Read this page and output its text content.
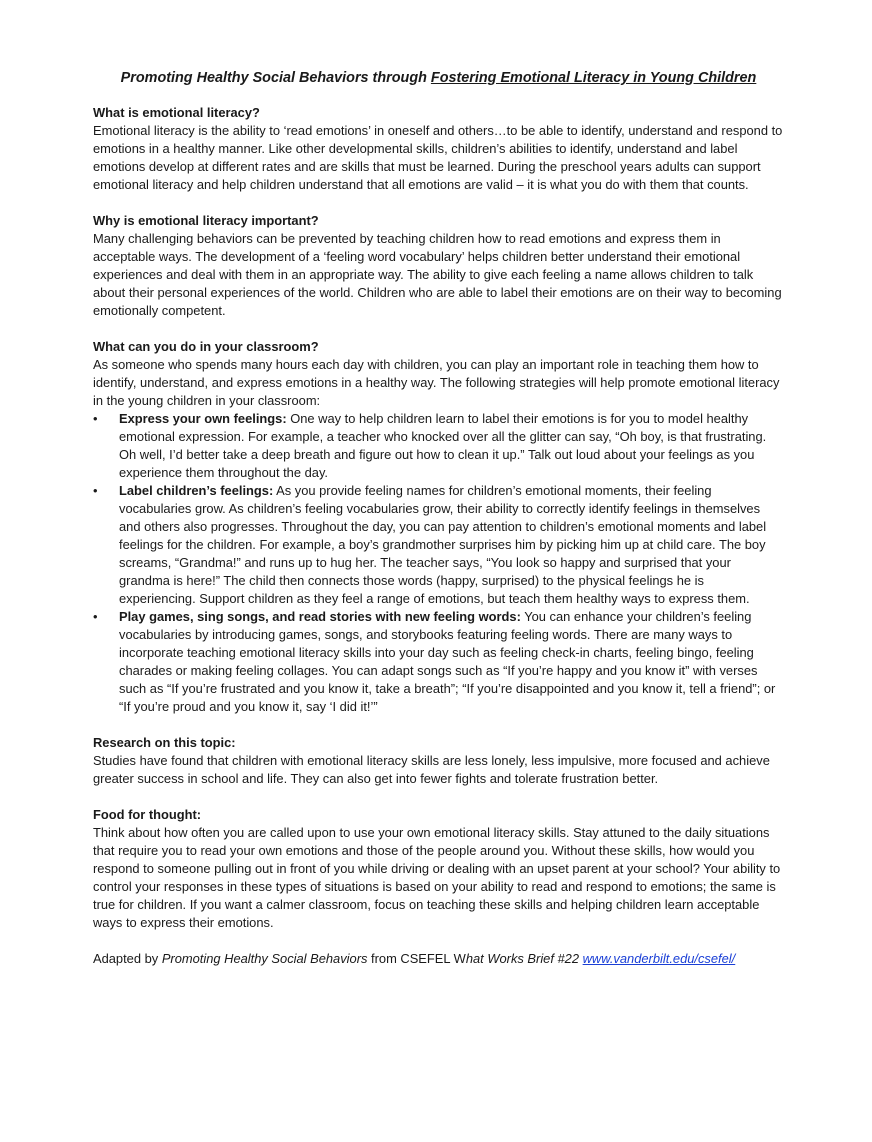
Promoting Healthy Social Behaviors through Fostering Emotional Literacy in Young Children

What is emotional literacy?

Emotional literacy is the ability to ‘read emotions’ in oneself and others…to be able to identify, understand and respond to emotions in a healthy manner. Like other developmental skills, children’s abilities to identify, understand and label emotions develop at different rates and are skills that must be learned. During the preschool years adults can support emotional literacy and help children understand that all emotions are valid – it is what you do with them that counts.

Why is emotional literacy important?

Many challenging behaviors can be prevented by teaching children how to read emotions and express them in acceptable ways. The development of a ‘feeling word vocabulary’ helps children better understand their emotional experiences and deal with them in an appropriate way. The ability to give each feeling a name allows children to talk about their personal experiences of the world. Children who are able to label their emotions are on their way to becoming emotionally competent.

What can you do in your classroom?

As someone who spends many hours each day with children, you can play an important role in teaching them how to identify, understand, and express emotions in a healthy way. The following strategies will help promote emotional literacy in the young children in your classroom:

• Express your own feelings: One way to help children learn to label their emotions is for you to model healthy emotional expression. For example, a teacher who knocked over all the glitter can say, “Oh boy, is that frustrating. Oh well, I’d better take a deep breath and figure out how to clean it up.” Talk out loud about your feelings as you experience them throughout the day.
• Label children’s feelings: As you provide feeling names for children’s emotional moments, their feeling vocabularies grow. As children’s feeling vocabularies grow, their ability to correctly identify feelings in themselves and others also progresses. Throughout the day, you can pay attention to children’s emotional moments and label feelings for the children. For example, a boy’s grandmother surprises him by picking him up at child care. The boy screams, “Grandma!” and runs up to hug her. The teacher says, “You look so happy and surprised that your grandma is here!” The child then connects those words (happy, surprised) to the physical feelings he is experiencing. Support children as they feel a range of emotions, but teach them healthy ways to express them.
• Play games, sing songs, and read stories with new feeling words: You can enhance your children’s feeling vocabularies by introducing games, songs, and storybooks featuring feeling words. There are many ways to incorporate teaching emotional literacy skills into your day such as feeling check-in charts, feeling bingo, feeling charades or making feeling collages. You can adapt songs such as “If you’re happy and you know it” with verses such as “If you’re frustrated and you know it, take a breath”; “If you’re disappointed and you know it, tell a friend”; or “If you’re proud and you know it, say ‘I did it!’”

Research on this topic:

Studies have found that children with emotional literacy skills are less lonely, less impulsive, more focused and achieve greater success in school and life. They can also get into fewer fights and tolerate frustration better.

Food for thought:

Think about how often you are called upon to use your own emotional literacy skills. Stay attuned to the daily situations that require you to read your own emotions and those of the people around you. Without these skills, how would you respond to someone pulling out in front of you while driving or dealing with an upset parent at your school? Your ability to control your responses in these types of situations is based on your ability to read and respond to emotions; the same is true for children. If you want a calmer classroom, focus on teaching these skills and helping children learn acceptable ways to express their emotions.

Adapted by Promoting Healthy Social Behaviors from CSEFEL What Works Brief #22 www.vanderbilt.edu/csefel/
